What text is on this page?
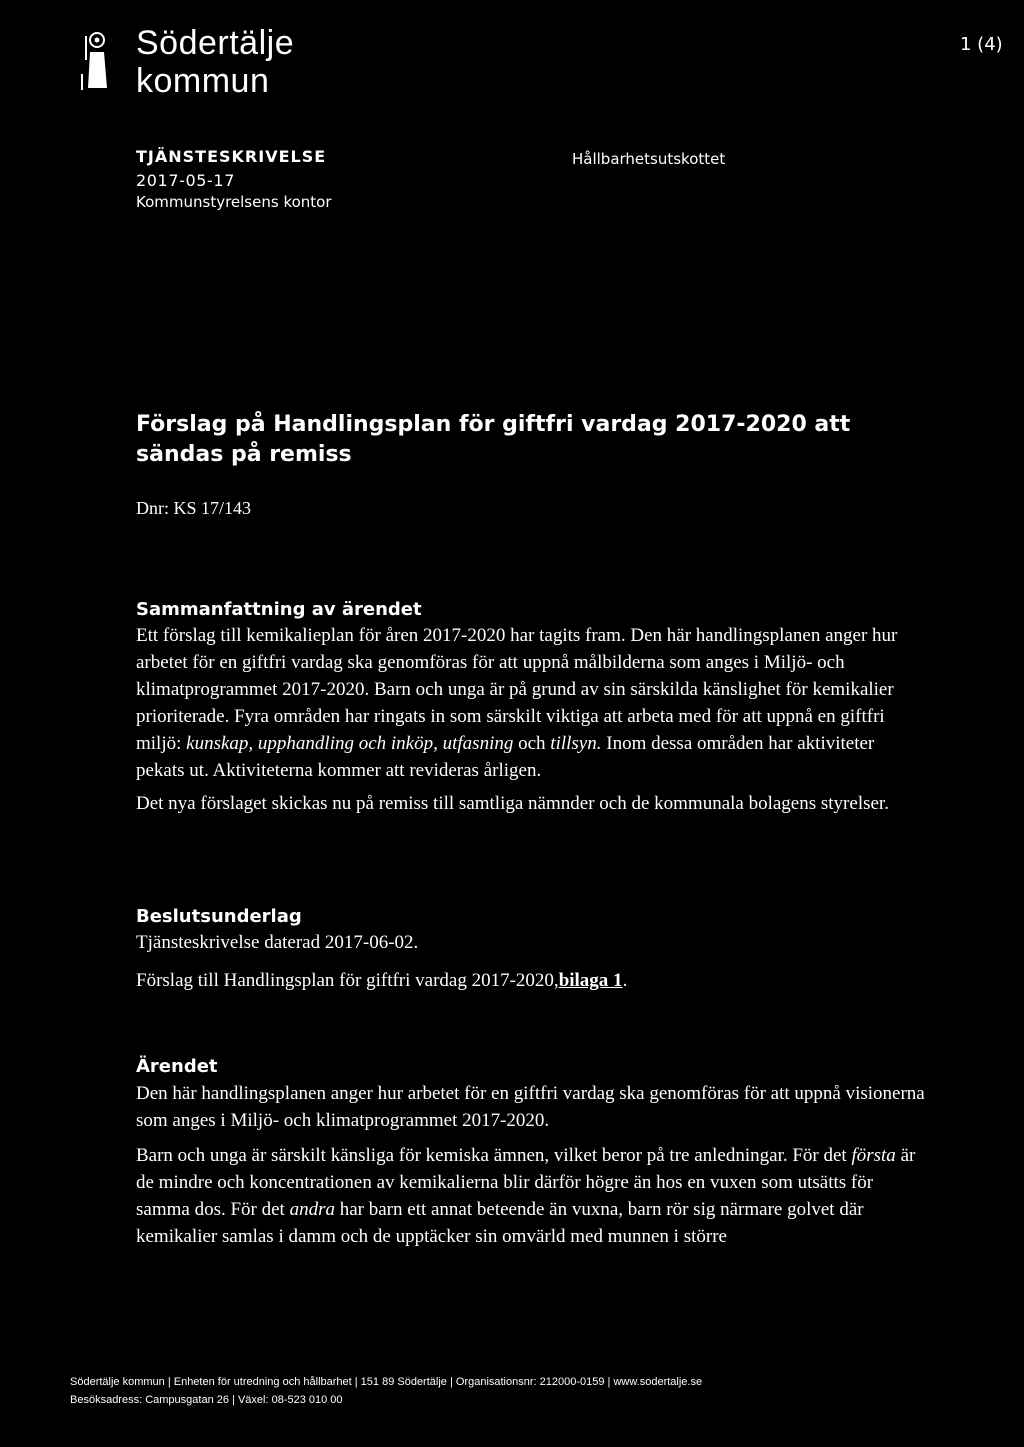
Södertälje
kommun
1 (4)
TJÄNSTESKRIVELSE
2017-05-17
Kommunstyrelsens kontor
Hållbarhetsutskottet
Förslag på Handlingsplan för giftfri vardag 2017-2020 att sändas på remiss
Dnr: KS 17/143
Sammanfattning av ärendet
Ett förslag till kemikalieplan för åren 2017-2020 har tagits fram. Den här handlingsplanen anger hur arbetet för en giftfri vardag ska genomföras för att uppnå målbilderna som anges i Miljö- och klimatprogrammet 2017-2020. Barn och unga är på grund av sin särskilda känslighet för kemikalier prioriterade. Fyra områden har ringats in som särskilt viktiga att arbeta med för att uppnå en giftfri miljö: kunskap, upphandling och inköp, utfasning och tillsyn. Inom dessa områden har aktiviteter pekats ut. Aktiviteterna kommer att revideras årligen.
Det nya förslaget skickas nu på remiss till samtliga nämnder och de kommunala bolagens styrelser.
Beslutsunderlag
Tjänsteskrivelse daterad 2017-06-02.
Förslag till Handlingsplan för giftfri vardag 2017-2020,bilaga 1.
Ärendet
Den här handlingsplanen anger hur arbetet för en giftfri vardag ska genomföras för att uppnå visionerna som anges i Miljö- och klimatprogrammet 2017-2020.
Barn och unga är särskilt känsliga för kemiska ämnen, vilket beror på tre anledningar. För det första är de mindre och koncentrationen av kemikalierna blir därför högre än hos en vuxen som utsätts för samma dos. För det andra har barn ett annat beteende än vuxna, barn rör sig närmare golvet där kemikalier samlas i damm och de upptäcker sin omvärld med munnen i större
Södertälje kommun | Enheten för utredning och hållbarhet | 151 89 Södertälje | Organisationsnr: 212000-0159 | www.sodertalje.se
Besöksadress: Campusgatan 26 | Växel: 08-523 010 00
